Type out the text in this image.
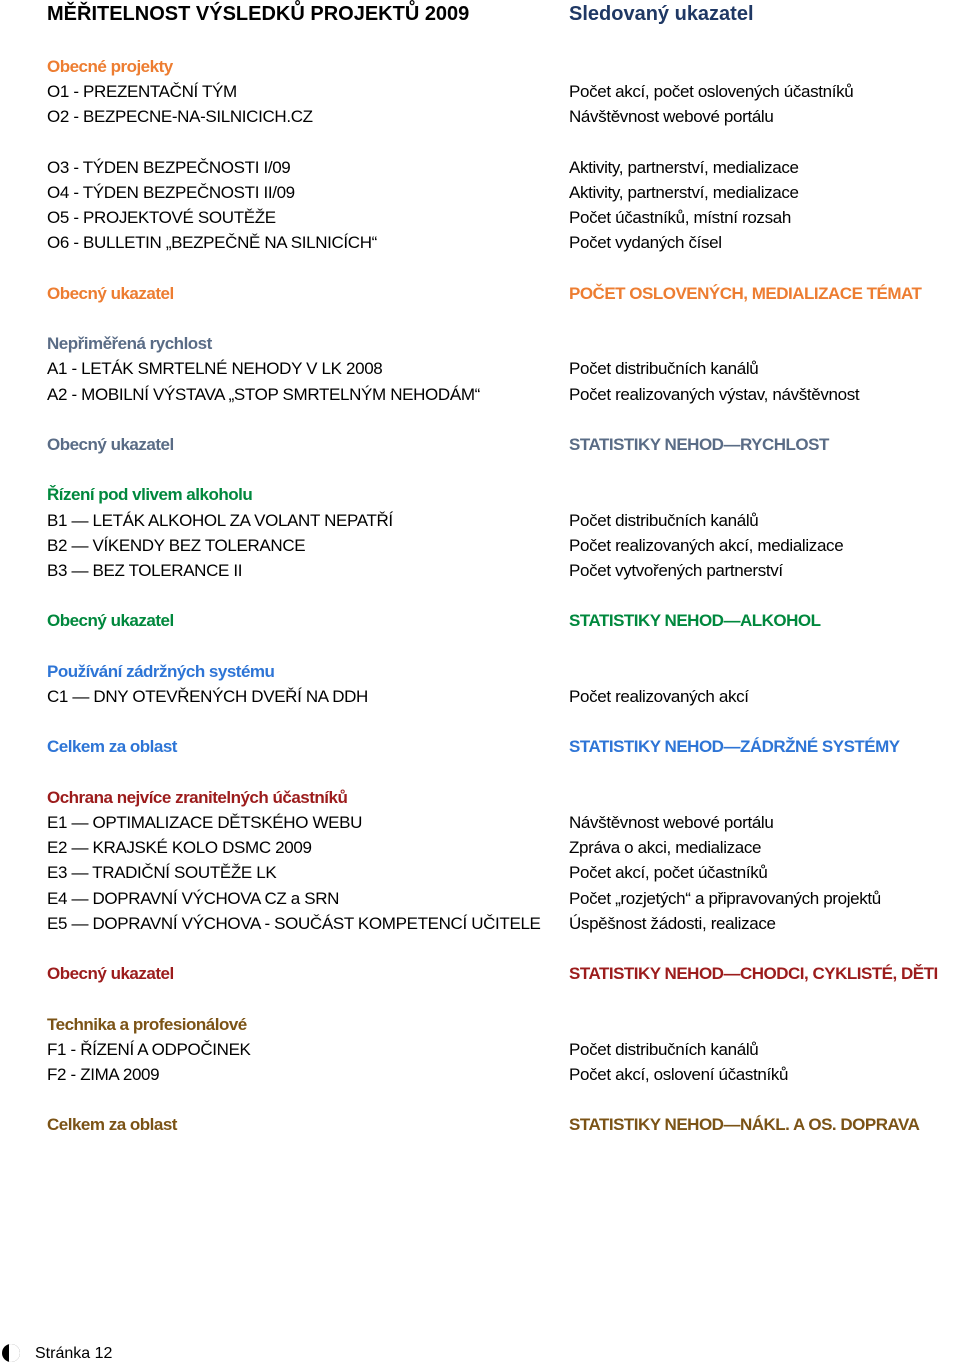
MĚŘITELNOST VÝSLEDKŮ PROJEKTŮ 2009	Sledovaný ukazatel
Obecné projekty
O1 - PREZENTAČNÍ TÝM	Počet akcí, počet oslovených účastníků
O2 - BEZPECNE-NA-SILNICICH.CZ	Návštěvnost webové portálu
O3 - TÝDEN BEZPEČNOSTI I/09	Aktivity, partnerství, medializace
O4 - TÝDEN BEZPEČNOSTI II/09	Aktivity, partnerství, medializace
O5 - PROJEKTOVÉ SOUTĚŽE	Počet účastníků, místní rozsah
O6 - BULLETIN „BEZPEČNĚ NA SILNICÍCH“	Počet vydaných čísel
Obecný ukazatel	POČET OSLOVENÝCH, MEDIALIZACE TÉMAT
Nepřiměřená rychlost
A1 - LETÁK SMRTELNÉ NEHODY V LK 2008	Počet distribučních kanálů
A2 - MOBILNÍ VÝSTAVA „STOP SMRTELNÝM NEHODÁM“	Počet realizovaných výstav, návštěvnost
Obecný ukazatel	STATISTIKY NEHOD—RYCHLOST
Řízení pod vlivem alkoholu
B1 — LETÁK ALKOHOL ZA VOLANT NEPATŘÍ	Počet distribučních kanálů
B2 — VÍKENDY BEZ TOLERANCE	Počet realizovaných akcí, medializace
B3 — BEZ TOLERANCE II	Počet vytvořených partnerství
Obecný ukazatel	STATISTIKY NEHOD—ALKOHOL
Používání zádržných systému
C1 — DNY OTEVŘENÝCH DVEŘÍ NA DDH	Počet realizovaných akcí
Celkem za oblast	STATISTIKY NEHOD—ZÁDRŽNÉ SYSTÉMY
Ochrana nejvíce zranitelných účastníků
E1 — OPTIMALIZACE DĚTSKÉHO WEBU	Návštěvnost webové portálu
E2 — KRAJSKÉ KOLO DSMC 2009	Zpráva o akci, medializace
E3 — TRADIČNÍ SOUTĚŽE LK	Počet akcí, počet účastníků
E4 — DOPRAVNÍ VÝCHOVA CZ a SRN	Počet „rozjetých“ a připravovaných projektů
E5 — DOPRAVNÍ VÝCHOVA - SOUČÁST KOMPETENCÍ UČITELE Úspěšnost žádosti, realizace
Obecný ukazatel	STATISTIKY NEHOD—CHODCI, CYKLISTÉ, DĚTI
Technika a profesionálové
F1 - ŘÍZENÍ A ODPOČINEK	Počet distribučních kanálů
F2 - ZIMA 2009	Počet akcí, oslovení účastníků
Celkem za oblast	STATISTIKY NEHOD—NÁKL. A OS. DOPRAVA
Stránka 12
